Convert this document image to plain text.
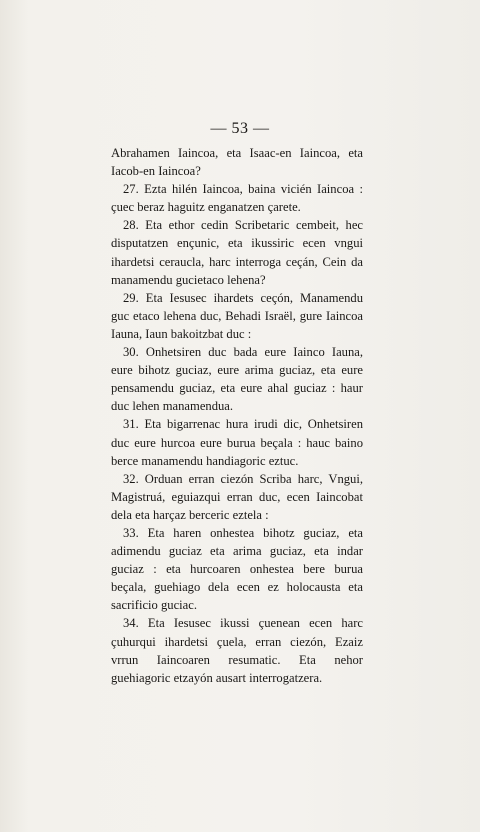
— 53 —

Abrahamen Iaincoa, eta Isaac-en Iaincoa, eta Iacob-en Iaincoa?

27. Ezta hilén Iaincoa, baina vicién Iaincoa : çuec beraz haguitz enganatzen çarete.

28. Eta ethor cedin Scribetaric cembeit, hec disputatzen ençunic, eta ikussiric ecen vngui ihardetsi ceraucla, harc interroga ceçán, Cein da manamendu gucietaco lehena?

29. Eta Iesusec ihardets ceçón, Manamendu guc etaco lehena duc, Behadi Israël, gure Iaincoa Iauna, Iaun bakoitzbat duc :

30. Onhetsiren duc bada eure Iainco Iauna, eure bihotz guciaz, eure arima guciaz, eta eure pensamendu guciaz, eta eure ahal guciaz : haur duc lehen manamendua.

31. Eta bigarrenac hura irudi dic, Onhetsiren duc eure hurcoa eure burua beçala : hauc baino berce manamendu handiagoric eztuc.

32. Orduan erran ciezón Scriba harc, Vngui, Magistruá, eguiazqui erran duc, ecen Iaincobat dela eta harçaz berceric eztela :

33. Eta haren onhestea bihotz guciaz, eta adimendu guciaz eta arima guciaz, eta indar guciaz : eta hurcoaren onhestea bere burua beçala, guehiago dela ecen ez holocausta eta sacrificio guciac.

34. Eta Iesusec ikussi çuenean ecen harc çuhurqui ihardetsi çuela, erran ciezón, Ezaiz vrrun Iaincoaren resumatic. Eta nehor guehiagoric etzayón ausart interrogatzera.
